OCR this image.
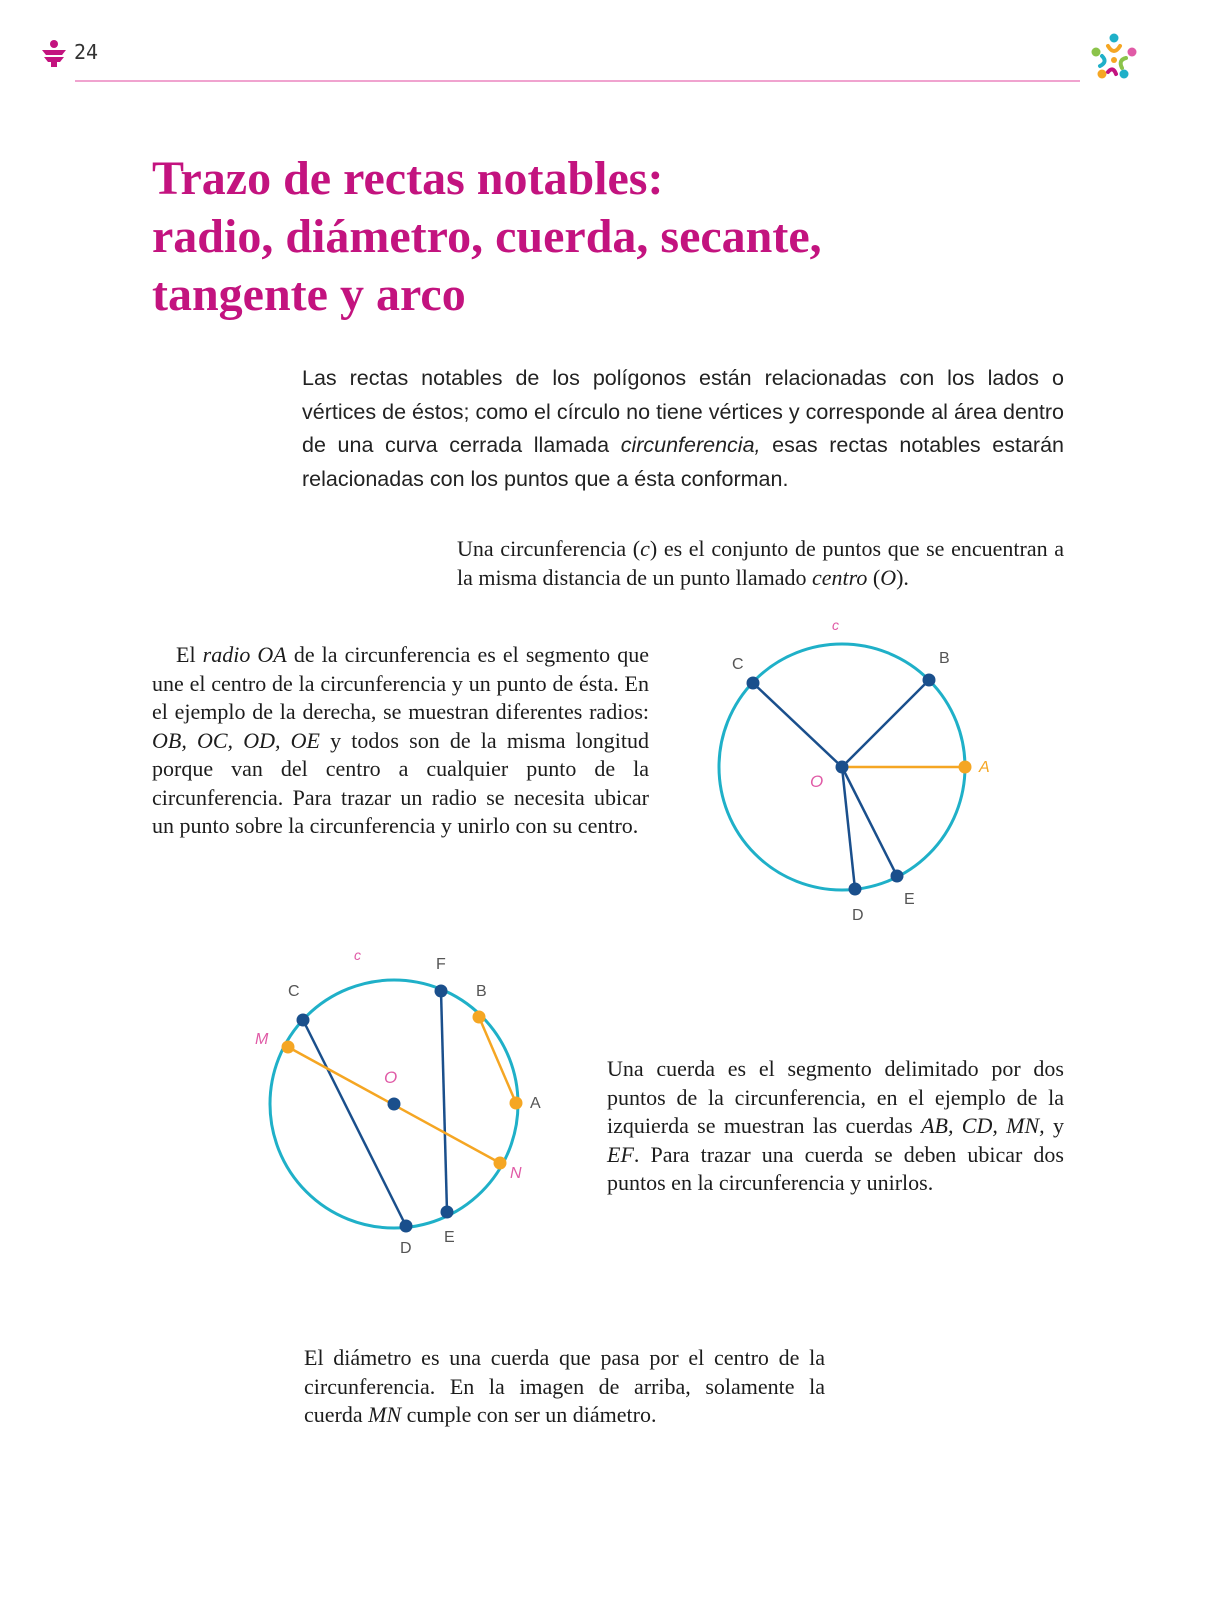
24
Trazo de rectas notables:
radio, diámetro, cuerda, secante,
tangente y arco

Las rectas notables de los polígonos están relacionadas con los lados o vértices de éstos; como el círculo no tiene vértices y corresponde al área dentro de una curva cerrada llamada circunferencia, esas rectas notables estarán relacionadas con los puntos que a ésta conforman.

Una circunferencia (c) es el conjunto de puntos que se encuentran a la misma distancia de un punto llamado centro (O).

El radio OA de la circunferencia es el segmento que une el centro de la circunferencia y un punto de ésta. En el ejemplo de la derecha, se muestran diferentes radios: OB, OC, OD, OE y todos son de la misma longitud porque van del centro a cualquier punto de la circunferencia. Para trazar un radio se necesita ubicar un punto sobre la circunferencia y unirlo con su centro.

c
O
A
B
C
D
E
c
O
M
N
C
F
B
A
D
E

Una cuerda es el segmento delimitado por dos puntos de la circunferencia, en el ejemplo de la izquierda se muestran las cuerdas AB, CD, MN, y EF. Para trazar una cuerda se deben ubicar dos puntos en la circunferencia y unirlos.

El diámetro es una cuerda que pasa por el centro de la circunferencia. En la imagen de arriba, solamente la cuerda MN cumple con ser un diámetro.
